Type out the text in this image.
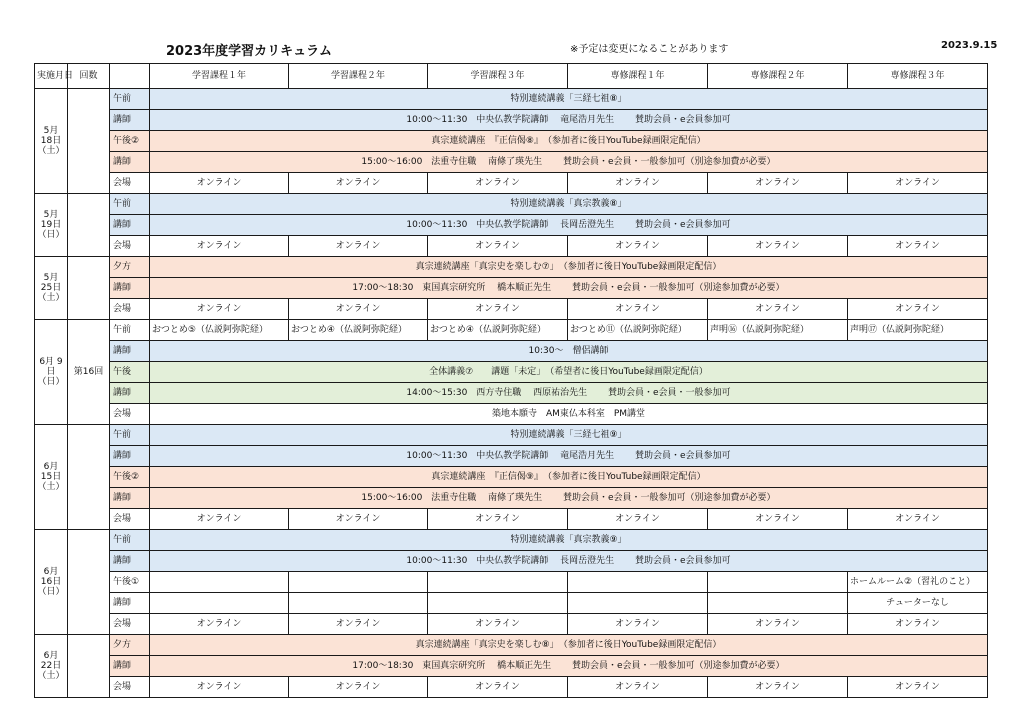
2023年度学習カリキュラム	※予定は変更になることがあります	2023.9.15
実施月日	回数		学習課程１年	学習課程２年	学習課程３年	専修課程１年	専修課程２年	専修課程３年
5月 18日 （土）		午前	特別連続講義「三経七祖⑧」					
		講師	10:00～11:30　中央仏教学院講師　 竜尾浩月先生　　 賛助会員・e会員参加可					
		午後②	真宗連続講座　『正信偈⑧』　（参加者に後日YouTube録画限定配信）					
		講師	15:00～16:00　法重寺住職　 南條了瑛先生　　 賛助会員・e会員・一般参加可（別途参加費が必要）					
		会場	オンライン	オンライン	オンライン	オンライン	オンライン	オンライン
5月 19日 （日）		午前	特別連続講義「真宗教義⑧」					
		講師	10:00～11:30　中央仏教学院講師　 長岡岳澄先生　　 賛助会員・e会員参加可					
		会場	オンライン	オンライン	オンライン	オンライン	オンライン	オンライン
5月 25日 （土）		夕方	真宗連続講座「真宗史を楽しむ⑦」　（参加者に後日YouTube録画限定配信）					
		講師	17:00～18:30　東国真宗研究所　 橋本順正先生　　 賛助会員・e会員・一般参加可（別途参加費が必要）					
		会場	オンライン	オンライン	オンライン	オンライン	オンライン	オンライン
6月 9日 （日）	第16回	午前	おつとめ⑤（仏説阿弥陀経）	おつとめ④（仏説阿弥陀経）	おつとめ④（仏説阿弥陀経）	おつとめ⑪（仏説阿弥陀経）	声明⑯（仏説阿弥陀経）	声明⑰（仏説阿弥陀経）
		講師	10:30～　僧侶講師					
		午後	全体講義⑦　　講題「未定」　（希望者に後日YouTube録画限定配信）					
		講師	14:00～15:30　西方寺住職　 西原祐治先生　　 賛助会員・e会員・一般参加可					
		会場	築地本願寺　AM東仏本科室　PM講堂					
6月 15日 （土）		午前	特別連続講義「三経七祖⑨」					
		講師	10:00～11:30　中央仏教学院講師　 竜尾浩月先生　　 賛助会員・e会員参加可					
		午後②	真宗連続講座　『正信偈⑨』　（参加者に後日YouTube録画限定配信）					
		講師	15:00～16:00　法重寺住職　 南條了瑛先生　　 賛助会員・e会員・一般参加可（別途参加費が必要）					
		会場	オンライン	オンライン	オンライン	オンライン	オンライン	オンライン
6月 16日 （日）		午前	特別連続講義「真宗教義⑨」					
		講師	10:00～11:30　中央仏教学院講師　 長岡岳澄先生　　 賛助会員・e会員参加可					
		午後①						ホームルーム②（習礼のこと）
		講師						チューターなし
		会場	オンライン	オンライン	オンライン	オンライン	オンライン	オンライン
6月 22日 （土）		夕方	真宗連続講座「真宗史を楽しむ⑧」　（参加者に後日YouTube録画限定配信）					
		講師	17:00～18:30　東国真宗研究所　 橋本順正先生　　 賛助会員・e会員・一般参加可（別途参加費が必要）					
		会場	オンライン	オンライン	オンライン	オンライン	オンライン	オンライン
